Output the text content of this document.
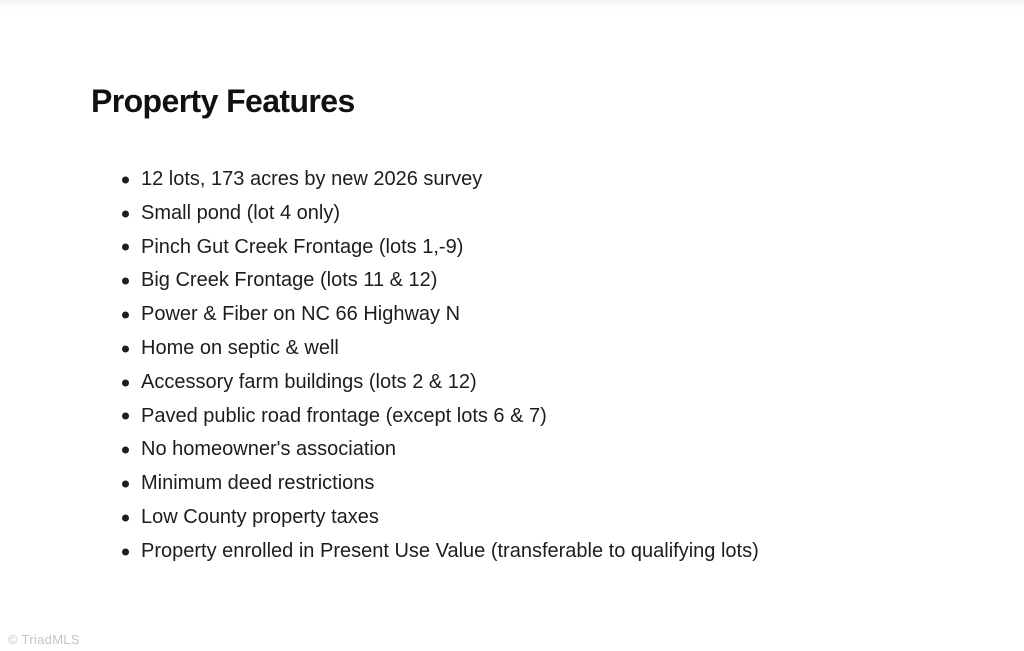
Property Features
12 lots, 173 acres by new 2026 survey
Small pond (lot 4 only)
Pinch Gut Creek Frontage (lots 1,-9)
Big Creek Frontage (lots 11 & 12)
Power & Fiber on NC 66 Highway N
Home on septic & well
Accessory farm buildings (lots 2 & 12)
Paved public road frontage (except lots 6 & 7)
No homeowner's association
Minimum deed restrictions
Low County property taxes
Property enrolled in Present Use Value (transferable to qualifying lots)
© TriadMLS
